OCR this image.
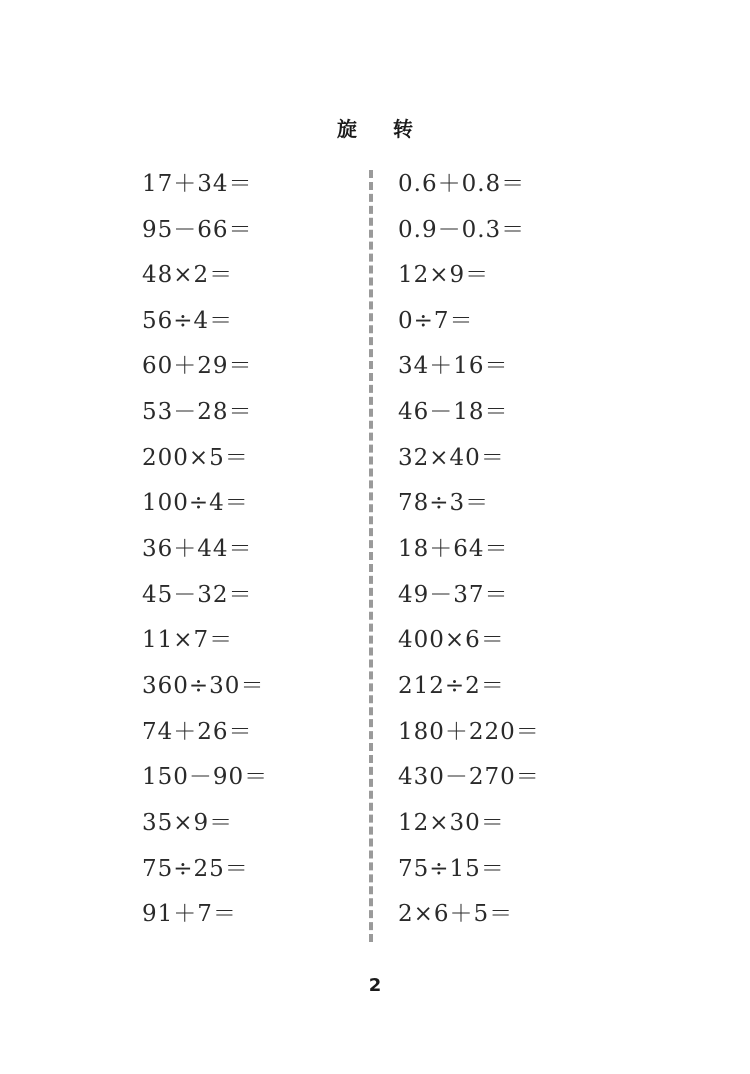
旋 转
17＋34＝
95－66＝
48×2＝
56÷4＝
60＋29＝
53－28＝
200×5＝
100÷4＝
36＋44＝
45－32＝
11×7＝
360÷30＝
74＋26＝
150－90＝
35×9＝
75÷25＝
91＋7＝
0.6＋0.8＝
0.9－0.3＝
12×9＝
0÷7＝
34＋16＝
46－18＝
32×40＝
78÷3＝
18＋64＝
49－37＝
400×6＝
212÷2＝
180＋220＝
430－270＝
12×30＝
75÷15＝
2×6＋5＝
2
